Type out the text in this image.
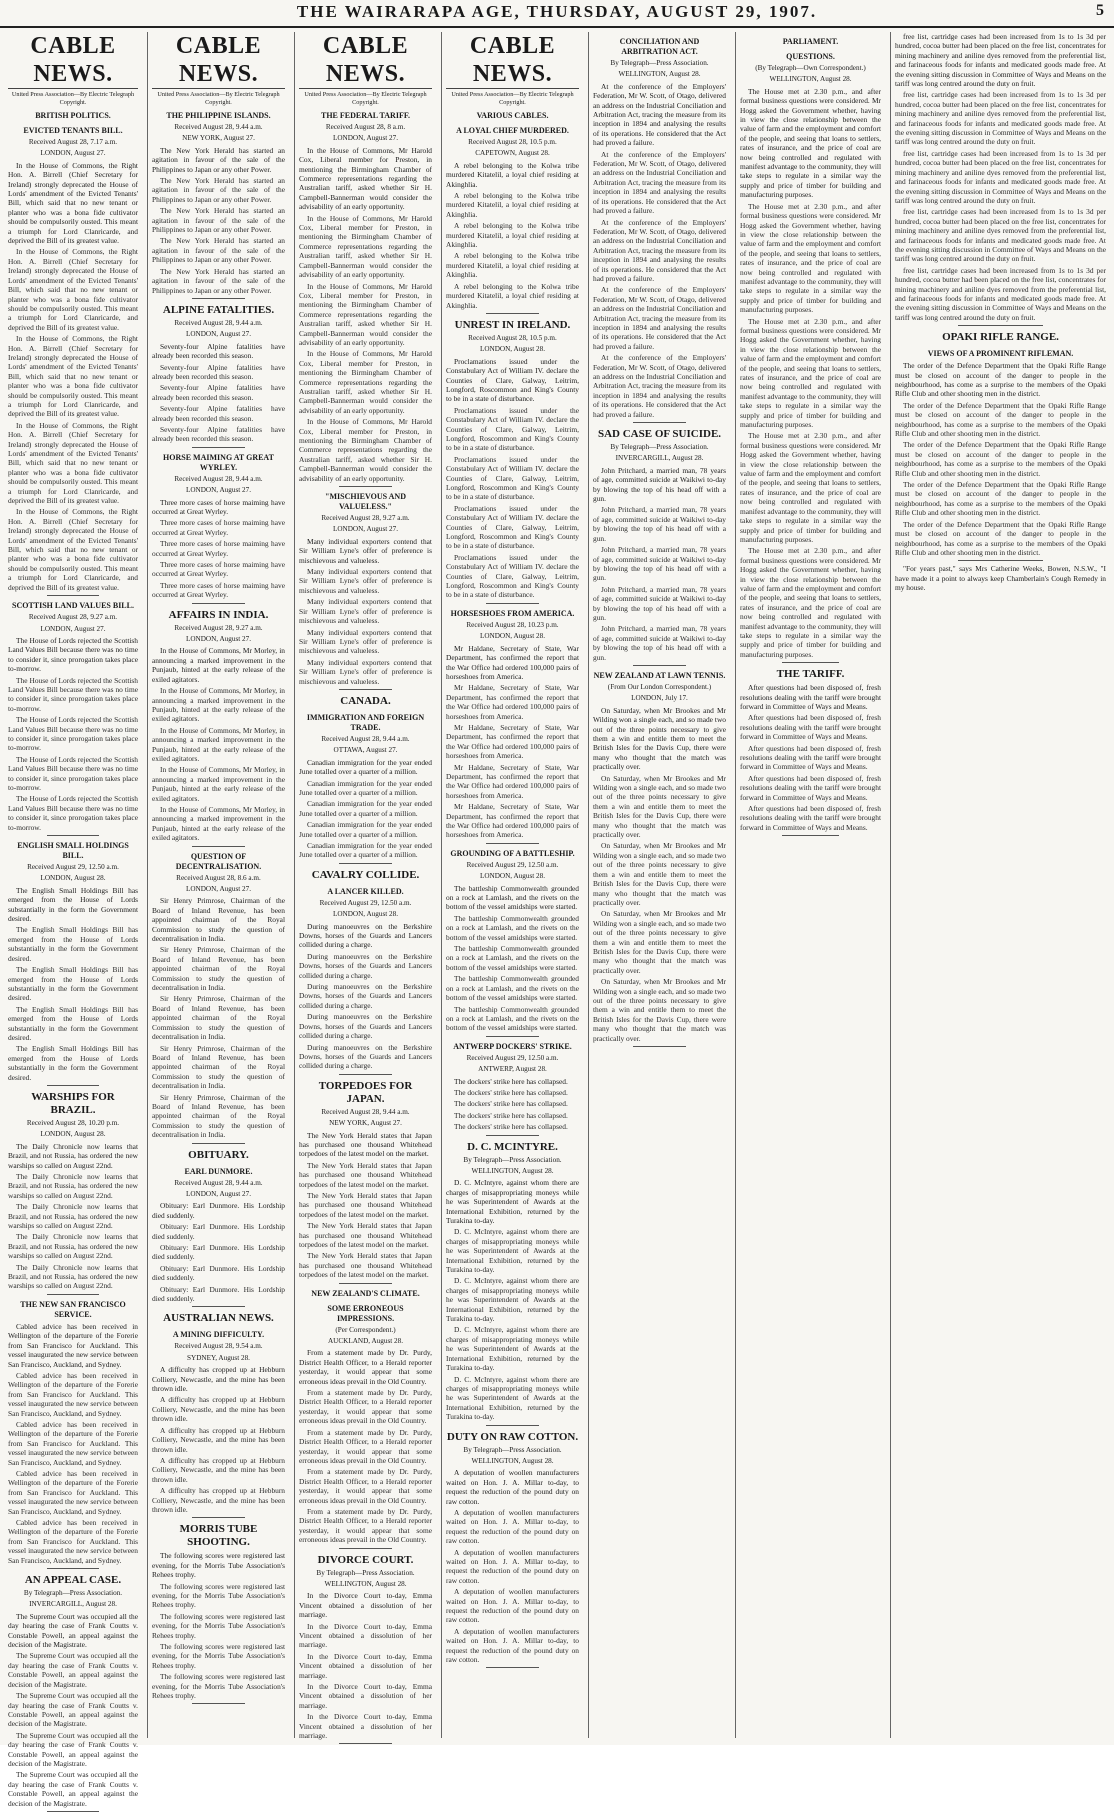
THE WAIRARAPA AGE, THURSDAY, AUGUST 29, 1907.	5
CABLE NEWS.
United Press Association—By Electric Telegraph Copyright.
BRITISH POLITICS.
EVICTED TENANTS BILL.
Received August 28, 7.17 a.m.
LONDON, August 27.

In the House of Commons, the Right Hon. A. Birrell (Chief Secretary for Ireland) strongly deprecated the House of Lords' amendment of the Evicted Tenants' Bill, which said that no new tenant or planter who was a bona fide cultivator should be compulsorily ousted. This meant a triumph for Lord Clanricarde, and deprived the Bill of its greatest value.

In the House of Commons, the Right Hon. A. Birrell (Chief Secretary for Ireland) strongly deprecated the House of Lords' amendment of the Evicted Tenants' Bill, which said that no new tenant or planter who was a bona fide cultivator should be compulsorily ousted. This meant a triumph for Lord Clanricarde, and deprived the Bill of its greatest value.

In the House of Commons, the Right Hon. A. Birrell (Chief Secretary for Ireland) strongly deprecated the House of Lords' amendment of the Evicted Tenants' Bill, which said that no new tenant or planter who was a bona fide cultivator should be compulsorily ousted. This meant a triumph for Lord Clanricarde, and deprived the Bill of its greatest value.

In the House of Commons, the Right Hon. A. Birrell (Chief Secretary for Ireland) strongly deprecated the House of Lords' amendment of the Evicted Tenants' Bill, which said that no new tenant or planter who was a bona fide cultivator should be compulsorily ousted. This meant a triumph for Lord Clanricarde, and deprived the Bill of its greatest value.

In the House of Commons, the Right Hon. A. Birrell (Chief Secretary for Ireland) strongly deprecated the House of Lords' amendment of the Evicted Tenants' Bill, which said that no new tenant or planter who was a bona fide cultivator should be compulsorily ousted. This meant a triumph for Lord Clanricarde, and deprived the Bill of its greatest value.

SCOTTISH LAND VALUES BILL.
Received August 28, 9.27 a.m.
LONDON, August 27.

The House of Lords rejected the Scottish Land Values Bill because there was no time to consider it, since prorogation takes place to-morrow.

The House of Lords rejected the Scottish Land Values Bill because there was no time to consider it, since prorogation takes place to-morrow.

The House of Lords rejected the Scottish Land Values Bill because there was no time to consider it, since prorogation takes place to-morrow.

The House of Lords rejected the Scottish Land Values Bill because there was no time to consider it, since prorogation takes place to-morrow.

The House of Lords rejected the Scottish Land Values Bill because there was no time to consider it, since prorogation takes place to-morrow.

ENGLISH SMALL HOLDINGS BILL.
Received August 29, 12.50 a.m.
LONDON, August 28.

The English Small Holdings Bill has emerged from the House of Lords substantially in the form the Government desired.

The English Small Holdings Bill has emerged from the House of Lords substantially in the form the Government desired.

The English Small Holdings Bill has emerged from the House of Lords substantially in the form the Government desired.

The English Small Holdings Bill has emerged from the House of Lords substantially in the form the Government desired.

The English Small Holdings Bill has emerged from the House of Lords substantially in the form the Government desired.

WARSHIPS FOR BRAZIL.
Received August 28, 10.20 p.m.
LONDON, August 28.

The Daily Chronicle now learns that Brazil, and not Russia, has ordered the new warships so called on August 22nd.

The Daily Chronicle now learns that Brazil, and not Russia, has ordered the new warships so called on August 22nd.

The Daily Chronicle now learns that Brazil, and not Russia, has ordered the new warships so called on August 22nd.

The Daily Chronicle now learns that Brazil, and not Russia, has ordered the new warships so called on August 22nd.

The Daily Chronicle now learns that Brazil, and not Russia, has ordered the new warships so called on August 22nd.

THE NEW SAN FRANCISCO SERVICE.

Cabled advice has been received in Wellington of the departure of the Forerie from San Francisco for Auckland. This vessel inaugurated the new service between San Francisco, Auckland, and Sydney.

Cabled advice has been received in Wellington of the departure of the Forerie from San Francisco for Auckland. This vessel inaugurated the new service between San Francisco, Auckland, and Sydney.

Cabled advice has been received in Wellington of the departure of the Forerie from San Francisco for Auckland. This vessel inaugurated the new service between San Francisco, Auckland, and Sydney.

Cabled advice has been received in Wellington of the departure of the Forerie from San Francisco for Auckland. This vessel inaugurated the new service between San Francisco, Auckland, and Sydney.

Cabled advice has been received in Wellington of the departure of the Forerie from San Francisco for Auckland. This vessel inaugurated the new service between San Francisco, Auckland, and Sydney.

AN APPEAL CASE.
By Telegraph—Press Association.
INVERCARGILL, August 28.

The Supreme Court was occupied all the day hearing the case of Frank Coutts v. Constable Powell, an appeal against the decision of the Magistrate.

The Supreme Court was occupied all the day hearing the case of Frank Coutts v. Constable Powell, an appeal against the decision of the Magistrate.

The Supreme Court was occupied all the day hearing the case of Frank Coutts v. Constable Powell, an appeal against the decision of the Magistrate.

The Supreme Court was occupied all the day hearing the case of Frank Coutts v. Constable Powell, an appeal against the decision of the Magistrate.

The Supreme Court was occupied all the day hearing the case of Frank Coutts v. Constable Powell, an appeal against the decision of the Magistrate.

CABLE NEWS.
United Press Association—By Electric Telegraph Copyright.
THE PHILIPPINE ISLANDS.
Received August 28, 9.44 a.m.
NEW YORK, August 27.

The New York Herald has started an agitation in favour of the sale of the Philippines to Japan or any other Power.

The New York Herald has started an agitation in favour of the sale of the Philippines to Japan or any other Power.

The New York Herald has started an agitation in favour of the sale of the Philippines to Japan or any other Power.

The New York Herald has started an agitation in favour of the sale of the Philippines to Japan or any other Power.

The New York Herald has started an agitation in favour of the sale of the Philippines to Japan or any other Power.

ALPINE FATALITIES.
Received August 28, 9.44 a.m.
LONDON, August 27.

Seventy-four Alpine fatalities have already been recorded this season.

Seventy-four Alpine fatalities have already been recorded this season.

Seventy-four Alpine fatalities have already been recorded this season.

Seventy-four Alpine fatalities have already been recorded this season.

Seventy-four Alpine fatalities have already been recorded this season.

HORSE MAIMING AT GREAT WYRLEY.
Received August 28, 9.44 a.m.
LONDON, August 27.

Three more cases of horse maiming have occurred at Great Wyrley.

Three more cases of horse maiming have occurred at Great Wyrley.

Three more cases of horse maiming have occurred at Great Wyrley.

Three more cases of horse maiming have occurred at Great Wyrley.

Three more cases of horse maiming have occurred at Great Wyrley.

AFFAIRS IN INDIA.
Received August 28, 9.27 a.m.
LONDON, August 27.

In the House of Commons, Mr Morley, in announcing a marked improvement in the Punjaub, hinted at the early release of the exiled agitators.

In the House of Commons, Mr Morley, in announcing a marked improvement in the Punjaub, hinted at the early release of the exiled agitators.

In the House of Commons, Mr Morley, in announcing a marked improvement in the Punjaub, hinted at the early release of the exiled agitators.

In the House of Commons, Mr Morley, in announcing a marked improvement in the Punjaub, hinted at the early release of the exiled agitators.

In the House of Commons, Mr Morley, in announcing a marked improvement in the Punjaub, hinted at the early release of the exiled agitators.

QUESTION OF DECENTRALISATION.
Received August 28, 8.6 a.m.
LONDON, August 27.

Sir Henry Primrose, Chairman of the Board of Inland Revenue, has been appointed chairman of the Royal Commission to study the question of decentralisation in India.

Sir Henry Primrose, Chairman of the Board of Inland Revenue, has been appointed chairman of the Royal Commission to study the question of decentralisation in India.

Sir Henry Primrose, Chairman of the Board of Inland Revenue, has been appointed chairman of the Royal Commission to study the question of decentralisation in India.

Sir Henry Primrose, Chairman of the Board of Inland Revenue, has been appointed chairman of the Royal Commission to study the question of decentralisation in India.

Sir Henry Primrose, Chairman of the Board of Inland Revenue, has been appointed chairman of the Royal Commission to study the question of decentralisation in India.

OBITUARY.
EARL DUNMORE.
Received August 28, 9.44 a.m.
LONDON, August 27.

Obituary: Earl Dunmore. His Lordship died suddenly.

Obituary: Earl Dunmore. His Lordship died suddenly.

Obituary: Earl Dunmore. His Lordship died suddenly.

Obituary: Earl Dunmore. His Lordship died suddenly.

Obituary: Earl Dunmore. His Lordship died suddenly.

AUSTRALIAN NEWS.
A MINING DIFFICULTY.
Received August 28, 9.54 a.m.
SYDNEY, August 28.

A difficulty has cropped up at Hebburn Colliery, Newcastle, and the mine has been thrown idle.

A difficulty has cropped up at Hebburn Colliery, Newcastle, and the mine has been thrown idle.

A difficulty has cropped up at Hebburn Colliery, Newcastle, and the mine has been thrown idle.

A difficulty has cropped up at Hebburn Colliery, Newcastle, and the mine has been thrown idle.

A difficulty has cropped up at Hebburn Colliery, Newcastle, and the mine has been thrown idle.

MORRIS TUBE SHOOTING.

The following scores were registered last evening, for the Morris Tube Association's Rehees trophy.

The following scores were registered last evening, for the Morris Tube Association's Rehees trophy.

The following scores were registered last evening, for the Morris Tube Association's Rehees trophy.

The following scores were registered last evening, for the Morris Tube Association's Rehees trophy.

The following scores were registered last evening, for the Morris Tube Association's Rehees trophy.

CABLE NEWS.
United Press Association—By Electric Telegraph Copyright.
THE FEDERAL TARIFF.
Received August 28, 8 a.m.
LONDON, August 27.

In the House of Commons, Mr Harold Cox, Liberal member for Preston, in mentioning the Birmingham Chamber of Commerce representations regarding the Australian tariff, asked whether Sir H. Campbell-Bannerman would consider the advisability of an early opportunity.

In the House of Commons, Mr Harold Cox, Liberal member for Preston, in mentioning the Birmingham Chamber of Commerce representations regarding the Australian tariff, asked whether Sir H. Campbell-Bannerman would consider the advisability of an early opportunity.

In the House of Commons, Mr Harold Cox, Liberal member for Preston, in mentioning the Birmingham Chamber of Commerce representations regarding the Australian tariff, asked whether Sir H. Campbell-Bannerman would consider the advisability of an early opportunity.

In the House of Commons, Mr Harold Cox, Liberal member for Preston, in mentioning the Birmingham Chamber of Commerce representations regarding the Australian tariff, asked whether Sir H. Campbell-Bannerman would consider the advisability of an early opportunity.

In the House of Commons, Mr Harold Cox, Liberal member for Preston, in mentioning the Birmingham Chamber of Commerce representations regarding the Australian tariff, asked whether Sir H. Campbell-Bannerman would consider the advisability of an early opportunity.

"MISCHIEVOUS AND VALUELESS."
Received August 28, 9.27 a.m.
LONDON, August 27.

Many individual exporters contend that Sir William Lyne's offer of preference is mischievous and valueless.

Many individual exporters contend that Sir William Lyne's offer of preference is mischievous and valueless.

Many individual exporters contend that Sir William Lyne's offer of preference is mischievous and valueless.

Many individual exporters contend that Sir William Lyne's offer of preference is mischievous and valueless.

Many individual exporters contend that Sir William Lyne's offer of preference is mischievous and valueless.

CANADA.
IMMIGRATION AND FOREIGN TRADE.
Received August 28, 9.44 a.m.
OTTAWA, August 27.

Canadian immigration for the year ended June totalled over a quarter of a million.

Canadian immigration for the year ended June totalled over a quarter of a million.

Canadian immigration for the year ended June totalled over a quarter of a million.

Canadian immigration for the year ended June totalled over a quarter of a million.

Canadian immigration for the year ended June totalled over a quarter of a million.

CAVALRY COLLIDE.
A LANCER KILLED.
Received August 29, 12.50 a.m.
LONDON, August 28.

During manoeuvres on the Berkshire Downs, horses of the Guards and Lancers collided during a charge.

During manoeuvres on the Berkshire Downs, horses of the Guards and Lancers collided during a charge.

During manoeuvres on the Berkshire Downs, horses of the Guards and Lancers collided during a charge.

During manoeuvres on the Berkshire Downs, horses of the Guards and Lancers collided during a charge.

During manoeuvres on the Berkshire Downs, horses of the Guards and Lancers collided during a charge.

TORPEDOES FOR JAPAN.
Received August 28, 9.44 a.m.
NEW YORK, August 27.

The New York Herald states that Japan has purchased one thousand Whitehead torpedoes of the latest model on the market.

The New York Herald states that Japan has purchased one thousand Whitehead torpedoes of the latest model on the market.

The New York Herald states that Japan has purchased one thousand Whitehead torpedoes of the latest model on the market.

The New York Herald states that Japan has purchased one thousand Whitehead torpedoes of the latest model on the market.

The New York Herald states that Japan has purchased one thousand Whitehead torpedoes of the latest model on the market.

NEW ZEALAND'S CLIMATE.
SOME ERRONEOUS IMPRESSIONS.
(Per Correspondent.)
AUCKLAND, August 28.

From a statement made by Dr. Purdy, District Health Officer, to a Herald reporter yesterday, it would appear that some erroneous ideas prevail in the Old Country.

From a statement made by Dr. Purdy, District Health Officer, to a Herald reporter yesterday, it would appear that some erroneous ideas prevail in the Old Country.

From a statement made by Dr. Purdy, District Health Officer, to a Herald reporter yesterday, it would appear that some erroneous ideas prevail in the Old Country.

From a statement made by Dr. Purdy, District Health Officer, to a Herald reporter yesterday, it would appear that some erroneous ideas prevail in the Old Country.

From a statement made by Dr. Purdy, District Health Officer, to a Herald reporter yesterday, it would appear that some erroneous ideas prevail in the Old Country.

DIVORCE COURT.
By Telegraph—Press Association.
WELLINGTON, August 28.

In the Divorce Court to-day, Emma Vincent obtained a dissolution of her marriage.

In the Divorce Court to-day, Emma Vincent obtained a dissolution of her marriage.

In the Divorce Court to-day, Emma Vincent obtained a dissolution of her marriage.

In the Divorce Court to-day, Emma Vincent obtained a dissolution of her marriage.

In the Divorce Court to-day, Emma Vincent obtained a dissolution of her marriage.

CABLE NEWS.
United Press Association—By Electric Telegraph Copyright.
VARIOUS CABLES.
A LOYAL CHIEF MURDERED.
Received August 28, 10.5 p.m.
CAPETOWN, August 28.

A rebel belonging to the Kolwa tribe murdered Kitatelil, a loyal chief residing at Akinghlia.

A rebel belonging to the Kolwa tribe murdered Kitatelil, a loyal chief residing at Akinghlia.

A rebel belonging to the Kolwa tribe murdered Kitatelil, a loyal chief residing at Akinghlia.

A rebel belonging to the Kolwa tribe murdered Kitatelil, a loyal chief residing at Akinghlia.

A rebel belonging to the Kolwa tribe murdered Kitatelil, a loyal chief residing at Akinghlia.

UNREST IN IRELAND.
Received August 28, 10.5 p.m.
LONDON, August 28.

Proclamations issued under the Constabulary Act of William IV. declare the Counties of Clare, Galway, Leitrim, Longford, Roscommon and King's County to be in a state of disturbance.

Proclamations issued under the Constabulary Act of William IV. declare the Counties of Clare, Galway, Leitrim, Longford, Roscommon and King's County to be in a state of disturbance.

Proclamations issued under the Constabulary Act of William IV. declare the Counties of Clare, Galway, Leitrim, Longford, Roscommon and King's County to be in a state of disturbance.

Proclamations issued under the Constabulary Act of William IV. declare the Counties of Clare, Galway, Leitrim, Longford, Roscommon and King's County to be in a state of disturbance.

Proclamations issued under the Constabulary Act of William IV. declare the Counties of Clare, Galway, Leitrim, Longford, Roscommon and King's County to be in a state of disturbance.

HORSESHOES FROM AMERICA.
Received August 28, 10.23 p.m.
LONDON, August 28.

Mr Haldane, Secretary of State, War Department, has confirmed the report that the War Office had ordered 100,000 pairs of horseshoes from America.

Mr Haldane, Secretary of State, War Department, has confirmed the report that the War Office had ordered 100,000 pairs of horseshoes from America.

Mr Haldane, Secretary of State, War Department, has confirmed the report that the War Office had ordered 100,000 pairs of horseshoes from America.

Mr Haldane, Secretary of State, War Department, has confirmed the report that the War Office had ordered 100,000 pairs of horseshoes from America.

Mr Haldane, Secretary of State, War Department, has confirmed the report that the War Office had ordered 100,000 pairs of horseshoes from America.

GROUNDING OF A BATTLESHIP.
Received August 29, 12.50 a.m.
LONDON, August 28.

The battleship Commonwealth grounded on a rock at Lamlash, and the rivets on the bottom of the vessel amidships were started.

The battleship Commonwealth grounded on a rock at Lamlash, and the rivets on the bottom of the vessel amidships were started.

The battleship Commonwealth grounded on a rock at Lamlash, and the rivets on the bottom of the vessel amidships were started.

The battleship Commonwealth grounded on a rock at Lamlash, and the rivets on the bottom of the vessel amidships were started.

The battleship Commonwealth grounded on a rock at Lamlash, and the rivets on the bottom of the vessel amidships were started.

ANTWERP DOCKERS' STRIKE.
Received August 29, 12.50 a.m.
ANTWERP, August 28.

The dockers' strike here has collapsed.

The dockers' strike here has collapsed.

The dockers' strike here has collapsed.

The dockers' strike here has collapsed.

The dockers' strike here has collapsed.

D. C. MCINTYRE.
By Telegraph—Press Association.
WELLINGTON, August 28.

D. C. McIntyre, against whom there are charges of misappropriating moneys while he was Superintendent of Awards at the International Exhibition, returned by the Turakina to-day.

D. C. McIntyre, against whom there are charges of misappropriating moneys while he was Superintendent of Awards at the International Exhibition, returned by the Turakina to-day.

D. C. McIntyre, against whom there are charges of misappropriating moneys while he was Superintendent of Awards at the International Exhibition, returned by the Turakina to-day.

D. C. McIntyre, against whom there are charges of misappropriating moneys while he was Superintendent of Awards at the International Exhibition, returned by the Turakina to-day.

D. C. McIntyre, against whom there are charges of misappropriating moneys while he was Superintendent of Awards at the International Exhibition, returned by the Turakina to-day.

DUTY ON RAW COTTON.
By Telegraph—Press Association.
WELLINGTON, August 28.

A deputation of woollen manufacturers waited on Hon. J. A. Millar to-day, to request the reduction of the pound duty on raw cotton.

A deputation of woollen manufacturers waited on Hon. J. A. Millar to-day, to request the reduction of the pound duty on raw cotton.

A deputation of woollen manufacturers waited on Hon. J. A. Millar to-day, to request the reduction of the pound duty on raw cotton.

A deputation of woollen manufacturers waited on Hon. J. A. Millar to-day, to request the reduction of the pound duty on raw cotton.

A deputation of woollen manufacturers waited on Hon. J. A. Millar to-day, to request the reduction of the pound duty on raw cotton.

CONCILIATION AND ARBITRATION ACT.
By Telegraph—Press Association.
WELLINGTON, August 28.

At the conference of the Employers' Federation, Mr W. Scott, of Otago, delivered an address on the Industrial Conciliation and Arbitration Act, tracing the measure from its inception in 1894 and analysing the results of its operations. He considered that the Act had proved a failure.

At the conference of the Employers' Federation, Mr W. Scott, of Otago, delivered an address on the Industrial Conciliation and Arbitration Act, tracing the measure from its inception in 1894 and analysing the results of its operations. He considered that the Act had proved a failure.

At the conference of the Employers' Federation, Mr W. Scott, of Otago, delivered an address on the Industrial Conciliation and Arbitration Act, tracing the measure from its inception in 1894 and analysing the results of its operations. He considered that the Act had proved a failure.

At the conference of the Employers' Federation, Mr W. Scott, of Otago, delivered an address on the Industrial Conciliation and Arbitration Act, tracing the measure from its inception in 1894 and analysing the results of its operations. He considered that the Act had proved a failure.

At the conference of the Employers' Federation, Mr W. Scott, of Otago, delivered an address on the Industrial Conciliation and Arbitration Act, tracing the measure from its inception in 1894 and analysing the results of its operations. He considered that the Act had proved a failure.

SAD CASE OF SUICIDE.
By Telegraph—Press Association.
INVERCARGILL, August 28.

John Pritchard, a married man, 78 years of age, committed suicide at Waikiwi to-day by blowing the top of his head off with a gun.

John Pritchard, a married man, 78 years of age, committed suicide at Waikiwi to-day by blowing the top of his head off with a gun.

John Pritchard, a married man, 78 years of age, committed suicide at Waikiwi to-day by blowing the top of his head off with a gun.

John Pritchard, a married man, 78 years of age, committed suicide at Waikiwi to-day by blowing the top of his head off with a gun.

John Pritchard, a married man, 78 years of age, committed suicide at Waikiwi to-day by blowing the top of his head off with a gun.

NEW ZEALAND AT LAWN TENNIS.
(From Our London Correspondent.)
LONDON, July 17.

On Saturday, when Mr Brookes and Mr Wilding won a single each, and so made two out of the three points necessary to give them a win and entitle them to meet the British Isles for the Davis Cup, there were many who thought that the match was practically over.

On Saturday, when Mr Brookes and Mr Wilding won a single each, and so made two out of the three points necessary to give them a win and entitle them to meet the British Isles for the Davis Cup, there were many who thought that the match was practically over.

On Saturday, when Mr Brookes and Mr Wilding won a single each, and so made two out of the three points necessary to give them a win and entitle them to meet the British Isles for the Davis Cup, there were many who thought that the match was practically over.

On Saturday, when Mr Brookes and Mr Wilding won a single each, and so made two out of the three points necessary to give them a win and entitle them to meet the British Isles for the Davis Cup, there were many who thought that the match was practically over.

On Saturday, when Mr Brookes and Mr Wilding won a single each, and so made two out of the three points necessary to give them a win and entitle them to meet the British Isles for the Davis Cup, there were many who thought that the match was practically over.

PARLIAMENT.
QUESTIONS.
(By Telegraph—Own Correspondent.)
WELLINGTON, August 28.

The House met at 2.30 p.m., and after formal business questions were considered. Mr Hogg asked the Government whether, having in view the close relationship between the value of farm and the employment and comfort of the people, and seeing that loans to settlers, rates of insurance, and the price of coal are now being controlled and regulated with manifest advantage to the community, they will take steps to regulate in a similar way the supply and price of timber for building and manufacturing purposes.

The House met at 2.30 p.m., and after formal business questions were considered. Mr Hogg asked the Government whether, having in view the close relationship between the value of farm and the employment and comfort of the people, and seeing that loans to settlers, rates of insurance, and the price of coal are now being controlled and regulated with manifest advantage to the community, they will take steps to regulate in a similar way the supply and price of timber for building and manufacturing purposes.

The House met at 2.30 p.m., and after formal business questions were considered. Mr Hogg asked the Government whether, having in view the close relationship between the value of farm and the employment and comfort of the people, and seeing that loans to settlers, rates of insurance, and the price of coal are now being controlled and regulated with manifest advantage to the community, they will take steps to regulate in a similar way the supply and price of timber for building and manufacturing purposes.

The House met at 2.30 p.m., and after formal business questions were considered. Mr Hogg asked the Government whether, having in view the close relationship between the value of farm and the employment and comfort of the people, and seeing that loans to settlers, rates of insurance, and the price of coal are now being controlled and regulated with manifest advantage to the community, they will take steps to regulate in a similar way the supply and price of timber for building and manufacturing purposes.

The House met at 2.30 p.m., and after formal business questions were considered. Mr Hogg asked the Government whether, having in view the close relationship between the value of farm and the employment and comfort of the people, and seeing that loans to settlers, rates of insurance, and the price of coal are now being controlled and regulated with manifest advantage to the community, they will take steps to regulate in a similar way the supply and price of timber for building and manufacturing purposes.

THE TARIFF.

After questions had been disposed of, fresh resolutions dealing with the tariff were brought forward in Committee of Ways and Means.

After questions had been disposed of, fresh resolutions dealing with the tariff were brought forward in Committee of Ways and Means.

After questions had been disposed of, fresh resolutions dealing with the tariff were brought forward in Committee of Ways and Means.

After questions had been disposed of, fresh resolutions dealing with the tariff were brought forward in Committee of Ways and Means.

After questions had been disposed of, fresh resolutions dealing with the tariff were brought forward in Committee of Ways and Means.

free list, cartridge cases had been increased from 1s to 1s 3d per hundred, cocoa butter had been placed on the free list, concentrates for mining machinery and aniline dyes removed from the preferential list, and farinaceous foods for infants and medicated goods made free. At the evening sitting discussion in Committee of Ways and Means on the tariff was long centred around the duty on fruit.

free list, cartridge cases had been increased from 1s to 1s 3d per hundred, cocoa butter had been placed on the free list, concentrates for mining machinery and aniline dyes removed from the preferential list, and farinaceous foods for infants and medicated goods made free. At the evening sitting discussion in Committee of Ways and Means on the tariff was long centred around the duty on fruit.

free list, cartridge cases had been increased from 1s to 1s 3d per hundred, cocoa butter had been placed on the free list, concentrates for mining machinery and aniline dyes removed from the preferential list, and farinaceous foods for infants and medicated goods made free. At the evening sitting discussion in Committee of Ways and Means on the tariff was long centred around the duty on fruit.

free list, cartridge cases had been increased from 1s to 1s 3d per hundred, cocoa butter had been placed on the free list, concentrates for mining machinery and aniline dyes removed from the preferential list, and farinaceous foods for infants and medicated goods made free. At the evening sitting discussion in Committee of Ways and Means on the tariff was long centred around the duty on fruit.

free list, cartridge cases had been increased from 1s to 1s 3d per hundred, cocoa butter had been placed on the free list, concentrates for mining machinery and aniline dyes removed from the preferential list, and farinaceous foods for infants and medicated goods made free. At the evening sitting discussion in Committee of Ways and Means on the tariff was long centred around the duty on fruit.

OPAKI RIFLE RANGE.
VIEWS OF A PROMINENT RIFLEMAN.

The order of the Defence Department that the Opaki Rifle Range must be closed on account of the danger to people in the neighbourhood, has come as a surprise to the members of the Opaki Rifle Club and other shooting men in the district.

The order of the Defence Department that the Opaki Rifle Range must be closed on account of the danger to people in the neighbourhood, has come as a surprise to the members of the Opaki Rifle Club and other shooting men in the district.

The order of the Defence Department that the Opaki Rifle Range must be closed on account of the danger to people in the neighbourhood, has come as a surprise to the members of the Opaki Rifle Club and other shooting men in the district.

The order of the Defence Department that the Opaki Rifle Range must be closed on account of the danger to people in the neighbourhood, has come as a surprise to the members of the Opaki Rifle Club and other shooting men in the district.

The order of the Defence Department that the Opaki Rifle Range must be closed on account of the danger to people in the neighbourhood, has come as a surprise to the members of the Opaki Rifle Club and other shooting men in the district.

"For years past," says Mrs Catherine Weeks, Bowen, N.S.W., "I have made it a point to always keep Chamberlain's Cough Remedy in my house.
